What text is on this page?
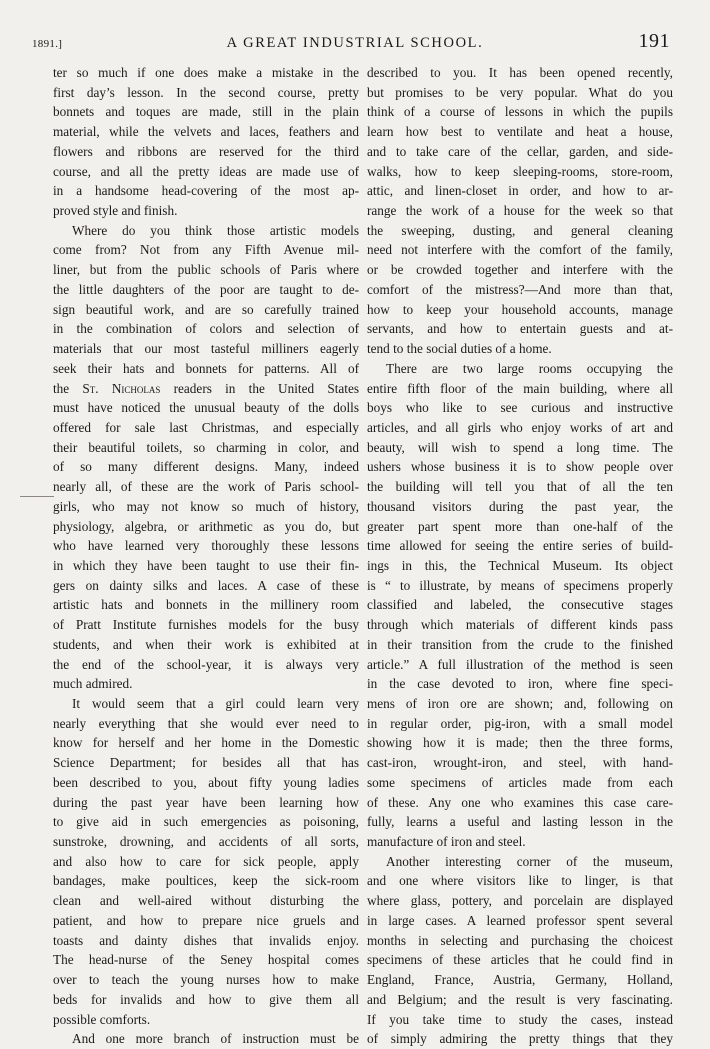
1891.]	A GREAT INDUSTRIAL SCHOOL.	191
ter so much if one does make a mistake in the
first day’s lesson. In the second course, pretty
bonnets and toques are made, still in the plain
material, while the velvets and laces, feathers and
flowers and ribbons are reserved for the third
course, and all the pretty ideas are made use of
in a handsome head-covering of the most ap-
proved style and finish.
Where do you think those artistic models
come from? Not from any Fifth Avenue mil-
liner, but from the public schools of Paris where
the little daughters of the poor are taught to de-
sign beautiful work, and are so carefully trained
in the combination of colors and selection of
materials that our most tasteful milliners eagerly
seek their hats and bonnets for patterns. All of
the St. Nicholas readers in the United States
must have noticed the unusual beauty of the dolls
offered for sale last Christmas, and especially
their beautiful toilets, so charming in color, and
of so many different designs. Many, indeed
nearly all, of these are the work of Paris school-
girls, who may not know so much of history,
physiology, algebra, or arithmetic as you do, but
who have learned very thoroughly these lessons
in which they have been taught to use their fin-
gers on dainty silks and laces. A case of these
artistic hats and bonnets in the millinery room
of Pratt Institute furnishes models for the busy
students, and when their work is exhibited at
the end of the school-year, it is always very
much admired.
It would seem that a girl could learn very
nearly everything that she would ever need to
know for herself and her home in the Domestic
Science Department; for besides all that has
been described to you, about fifty young ladies
during the past year have been learning how
to give aid in such emergencies as poisoning,
sunstroke, drowning, and accidents of all sorts,
and also how to care for sick people, apply
bandages, make poultices, keep the sick-room
clean and well-aired without disturbing the
patient, and how to prepare nice gruels and
toasts and dainty dishes that invalids enjoy.
The head-nurse of the Seney hospital comes
over to teach the young nurses how to make
beds for invalids and how to give them all
possible comforts.
And one more branch of instruction must be
described to you. It has been opened recently,
but promises to be very popular. What do you
think of a course of lessons in which the pupils
learn how best to ventilate and heat a house,
and to take care of the cellar, garden, and side-
walks, how to keep sleeping-rooms, store-room,
attic, and linen-closet in order, and how to ar-
range the work of a house for the week so that
the sweeping, dusting, and general cleaning
need not interfere with the comfort of the family,
or be crowded together and interfere with the
comfort of the mistress?—And more than that,
how to keep your household accounts, manage
servants, and how to entertain guests and at-
tend to the social duties of a home.
There are two large rooms occupying the
entire fifth floor of the main building, where all
boys who like to see curious and instructive
articles, and all girls who enjoy works of art and
beauty, will wish to spend a long time. The
ushers whose business it is to show people over
the building will tell you that of all the ten
thousand visitors during the past year, the
greater part spent more than one-half of the
time allowed for seeing the entire series of build-
ings in this, the Technical Museum. Its object
is “ to illustrate, by means of specimens properly
classified and labeled, the consecutive stages
through which materials of different kinds pass
in their transition from the crude to the finished
article.” A full illustration of the method is seen
in the case devoted to iron, where fine speci-
mens of iron ore are shown; and, following on
in regular order, pig-iron, with a small model
showing how it is made; then the three forms,
cast-iron, wrought-iron, and steel, with hand-
some specimens of articles made from each
of these. Any one who examines this case care-
fully, learns a useful and lasting lesson in the
manufacture of iron and steel.
Another interesting corner of the museum,
and one where visitors like to linger, is that
where glass, pottery, and porcelain are displayed
in large cases. A learned professor spent several
months in selecting and purchasing the choicest
specimens of these articles that he could find in
England, France, Austria, Germany, Holland,
and Belgium; and the result is very fascinating.
If you take time to study the cases, instead
of simply admiring the pretty things that they
